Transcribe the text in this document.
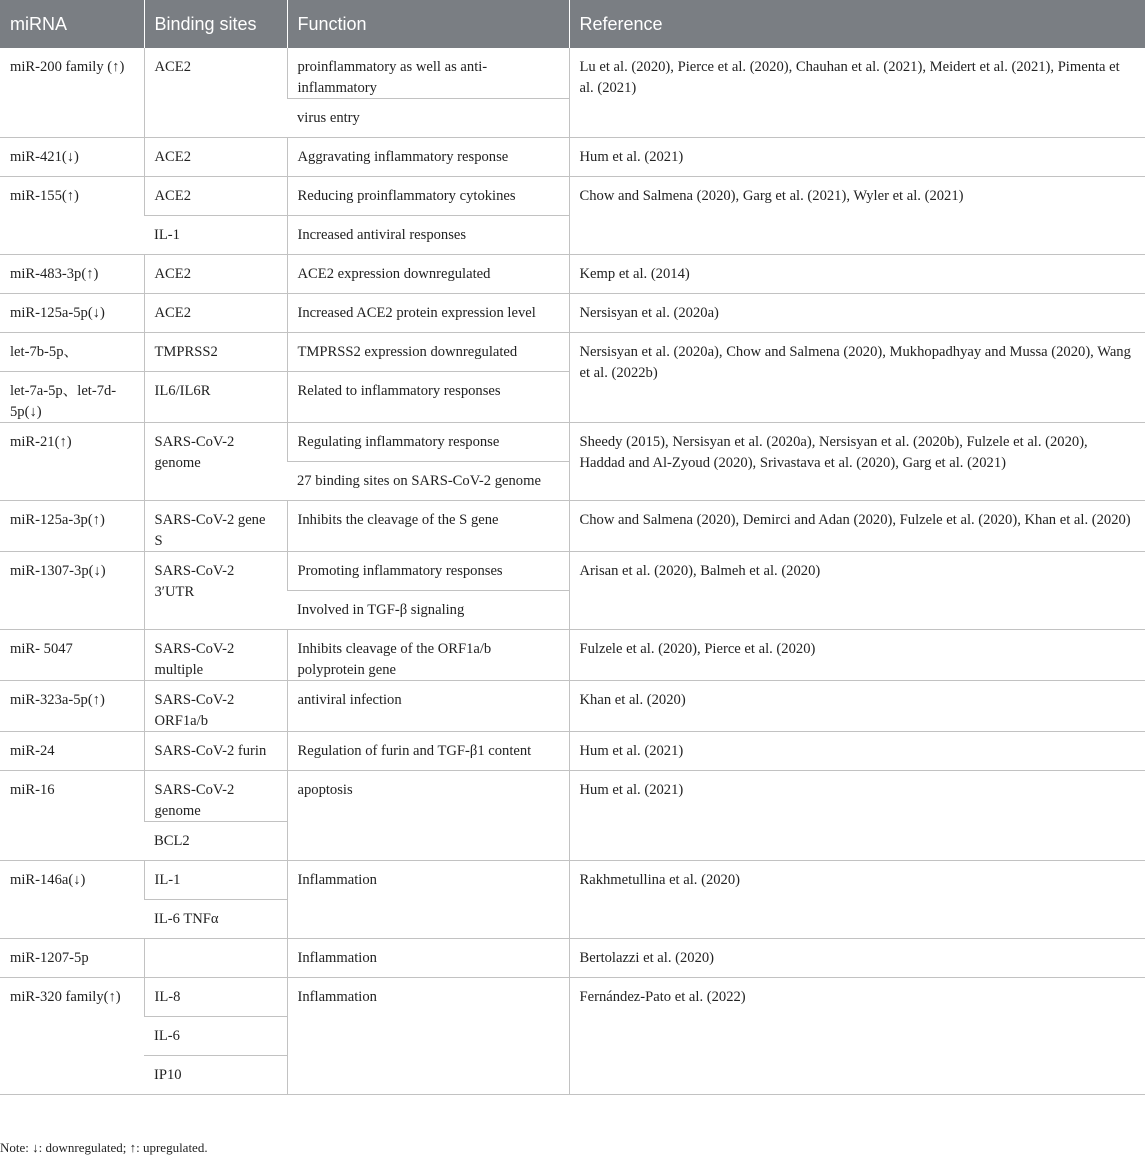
miRNA	Binding sites	Function	Reference
miR-200 family (↑)	ACE2	proinflammatory as well as anti-inflammatory	Lu et al. (2020), Pierce et al. (2020), Chauhan et al. (2021), Meidert et al. (2021), Pimenta et al. (2021)
		virus entry	
miR-421(↓)	ACE2	Aggravating inflammatory response	Hum et al. (2021)
miR-155(↑)	ACE2	Reducing proinflammatory cytokines	Chow and Salmena (2020), Garg et al. (2021), Wyler et al. (2021)
	IL-1	Increased antiviral responses	
miR-483-3p(↑)	ACE2	ACE2 expression downregulated	Kemp et al. (2014)
miR-125a-5p(↓)	ACE2	Increased ACE2 protein expression level	Nersisyan et al. (2020a)
let-7b-5p、	TMPRSS2	TMPRSS2 expression downregulated	Nersisyan et al. (2020a), Chow and Salmena (2020), Mukhopadhyay and Mussa (2020), Wang et al. (2022b)
let-7a-5p、let-7d-5p(↓)	IL6/IL6R	Related to inflammatory responses	
miR-21(↑)	SARS-CoV-2 genome	Regulating inflammatory response	Sheedy (2015), Nersisyan et al. (2020a), Nersisyan et al. (2020b), Fulzele et al. (2020), Haddad and Al-Zyoud (2020), Srivastava et al. (2020), Garg et al. (2021)
		27 binding sites on SARS-CoV-2 genome	
miR-125a-3p(↑)	SARS-CoV-2 gene S	Inhibits the cleavage of the S gene	Chow and Salmena (2020), Demirci and Adan (2020), Fulzele et al. (2020), Khan et al. (2020)
miR-1307-3p(↓)	SARS-CoV-2 3′UTR	Promoting inflammatory responses	Arisan et al. (2020), Balmeh et al. (2020)
		Involved in TGF-β signaling	
miR- 5047	SARS-CoV-2 multiple	Inhibits cleavage of the ORF1a/b polyprotein gene	Fulzele et al. (2020), Pierce et al. (2020)
miR-323a-5p(↑)	SARS-CoV-2 ORF1a/b	antiviral infection	Khan et al. (2020)
miR-24	SARS-CoV-2 furin	Regulation of furin and TGF-β1 content	Hum et al. (2021)
miR-16	SARS-CoV-2 genome	apoptosis	Hum et al. (2021)
	BCL2		
miR-146a(↓)	IL-1	Inflammation	Rakhmetullina et al. (2020)
	IL-6 TNFα		
miR-1207-5p		Inflammation	Bertolazzi et al. (2020)
miR-320 family(↑)	IL-8	Inflammation	Fernández-Pato et al. (2022)
	IL-6		
	IP10		
Note: ↓: downregulated; ↑: upregulated.
